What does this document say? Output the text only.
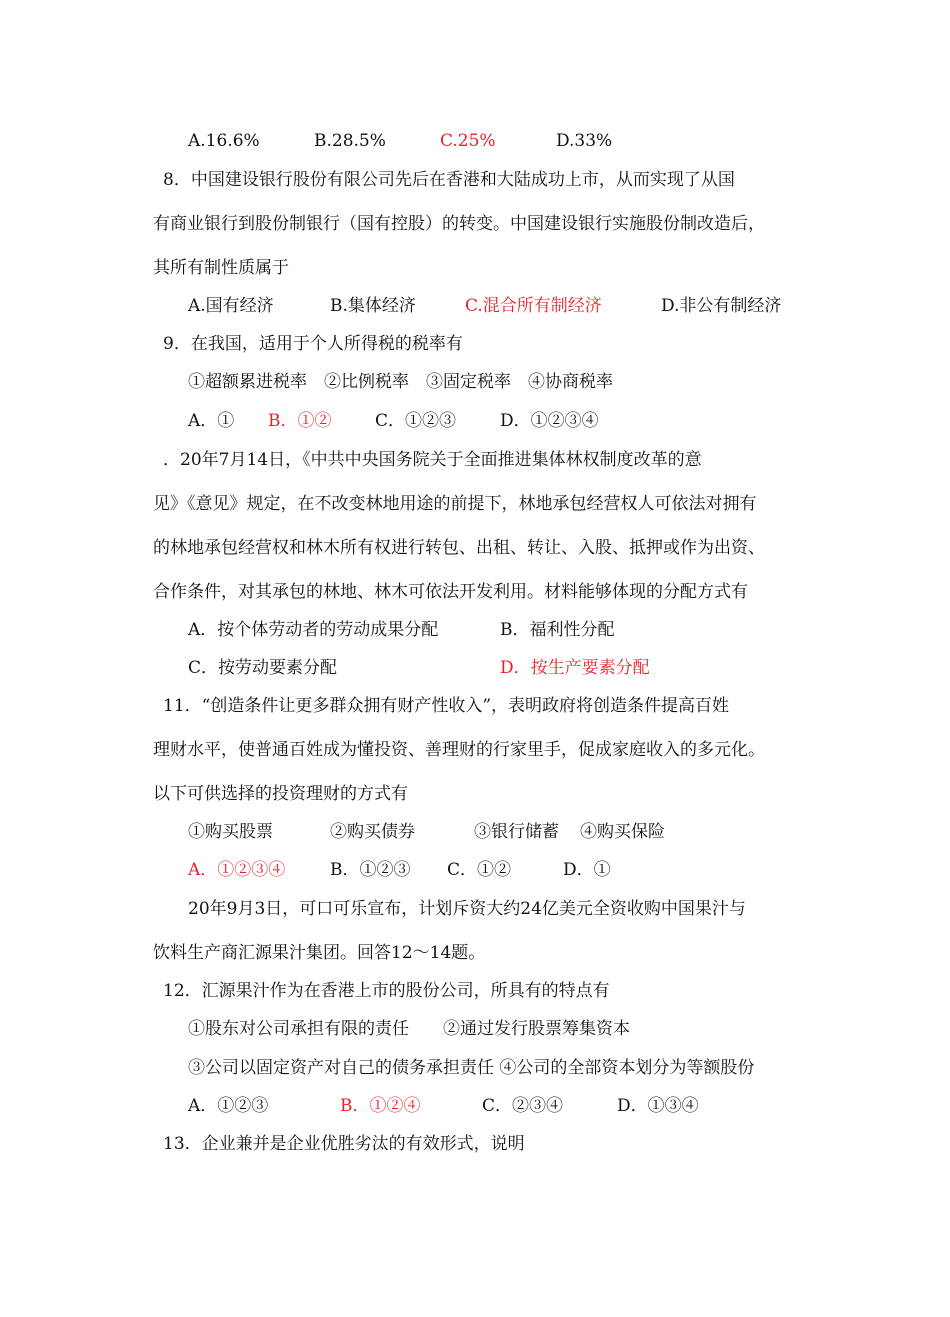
A.16.6%	B.28.5%	C.25%	D.33%
8．中国建设银行股份有限公司先后在香港和大陆成功上市，从而实现了从国
有商业银行到股份制银行（国有控股）的转变。中国建设银行实施股份制改造后，
其所有制性质属于
A.国有经济	B.集体经济	C.混合所有制经济	D.非公有制经济
9．在我国，适用于个人所得税的税率有
①超额累进税率　②比例税率　③固定税率　④协商税率
A．① B．①②	C．①②③	D．①②③④
．20年7月14日，《中共中央国务院关于全面推进集体林权制度改革的意
见》《意见》规定，在不改变林地用途的前提下，林地承包经营权人可依法对拥有
的林地承包经营权和林木所有权进行转包、出租、转让、入股、抵押或作为出资、
合作条件，对其承包的林地、林木可依法开发利用。材料能够体现的分配方式有
A．按个体劳动者的劳动成果分配	B．福利性分配
C．按劳动要素分配	D．按生产要素分配
11．“创造条件让更多群众拥有财产性收入”，表明政府将创造条件提高百姓
理财水平，使普通百姓成为懂投资、善理财的行家里手，促成家庭收入的多元化。
以下可供选择的投资理财的方式有
①购买股票	②购买债券	③银行储蓄 ④购买保险
A．①②③④	B．①②③ C．①②	D．①
20年9月3日，可口可乐宣布，计划斥资大约24亿美元全资收购中国果汁与
饮料生产商汇源果汁集团。回答12～14题。
12．汇源果汁作为在香港上市的股份公司，所具有的特点有
①股东对公司承担有限的责任　　②通过发行股票筹集资本
③公司以固定资产对自己的债务承担责任 ④公司的全部资本划分为等额股份
A．①②③	B．①②④	C．②③④	D．①③④
13．企业兼并是企业优胜劣汰的有效形式，说明
